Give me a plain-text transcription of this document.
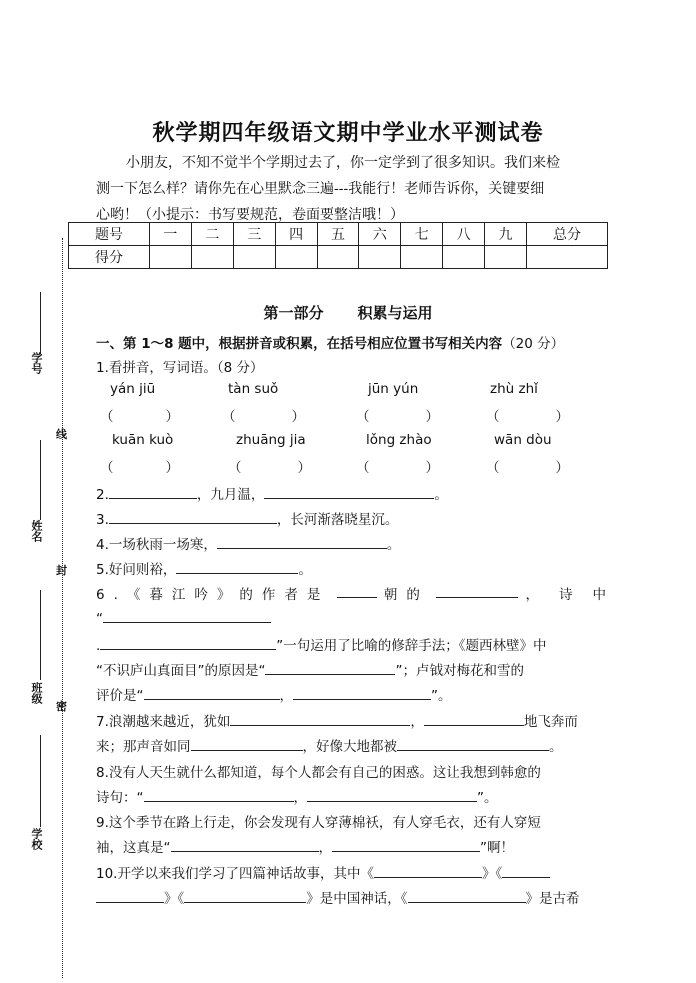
学号
线
姓名
封
班级
密
学校
秋学期四年级语文期中学业水平测试卷
小朋友，不知不觉半个学期过去了，你一定学到了很多知识。我们来检
测一下怎么样？请你先在心里默念三遍---我能行！老师告诉你，关键要细
心哟！（小提示：书写要规范，卷面要整洁哦！）
题号	一	二	三	四	五	六	七	八	九	总分
得分										
第一部分 积累与运用
一、第 1～8 题中，根据拼音或积累，在括号相应位置书写相关内容（20 分）
1.看拼音，写词语。（8 分）
yán jiū	tàn suǒ	jūn yún	zhù zhǐ
（	）	（	）	（	）	（	）
kuān kuò	zhuāng jia	lǒng zhào	wān dòu
（	）	（	）	（	）	（	）
2.	，九月温，	。
3.	，长河渐落晓星沉。
4.一场秋雨一场寒，	。
5.好问则裕，	。
6.《暮江吟》的作者是	朝的	，诗中
“
.	”一句运用了比喻的修辞手法；《题西林壁》中
“不识庐山真面目”的原因是“	”；卢钺对梅花和雪的
评价是“	，	”。
7.浪潮越来越近，犹如	，	地飞奔而
来；那声音如同	，好像大地都被	。
8.没有人天生就什么都知道，每个人都会有自己的困惑。这让我想到韩愈的
诗句：“	，	”。
9.这个季节在路上行走，你会发现有人穿薄棉袄，有人穿毛衣，还有人穿短
袖，这真是“	，	”啊！
10.开学以来我们学习了四篇神话故事，其中《	》《
》《	》是中国神话，《	》是古希
